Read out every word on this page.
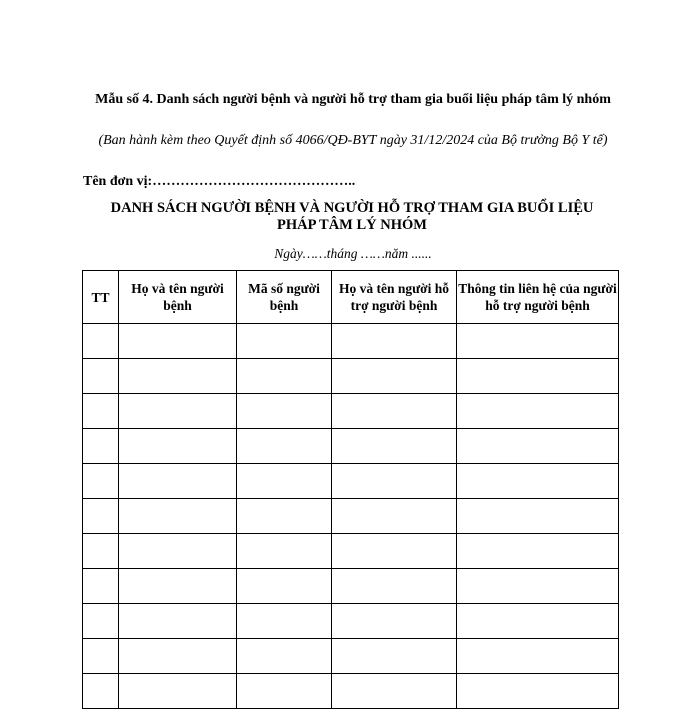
Mẫu số 4. Danh sách người bệnh và người hỗ trợ tham gia buổi liệu pháp tâm lý nhóm
(Ban hành kèm theo Quyết định số 4066/QĐ-BYT ngày 31/12/2024 của Bộ trưởng Bộ Y tế)
Tên đơn vị:……………………………………..
DANH SÁCH NGƯỜI BỆNH VÀ NGƯỜI HỖ TRỢ THAM GIA BUỔI LIỆU PHÁP TÂM LÝ NHÓM
Ngày……tháng ……năm ......
TT	Họ và tên người bệnh	Mã số người bệnh	Họ và tên người hỗ trợ người bệnh	Thông tin liên hệ của người hỗ trợ người bệnh
